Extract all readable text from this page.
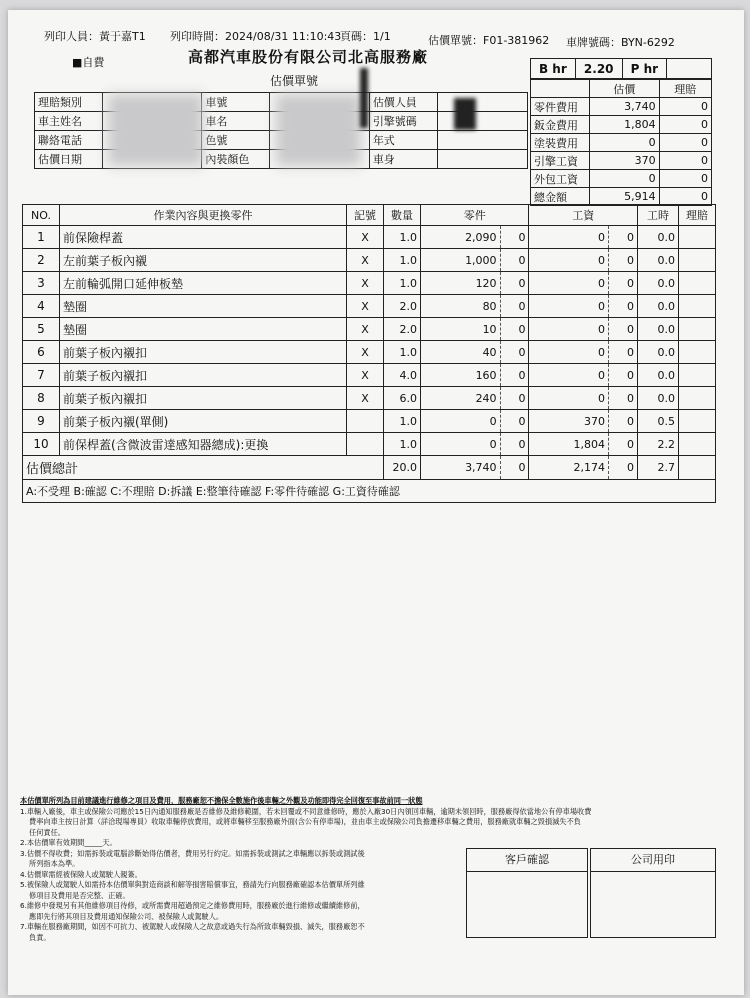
列印人員：黃于嘉T1 列印時間：2024/08/31 11:10:43
頁碼：1/1	估價單號：F01-381962 車牌號碼：BYN-6292
■自費	高都汽車股份有限公司北高服務廠
估價單號
B hr	2.20	P hr	
理賠類別		車號		估價人員	
車主姓名		車名		引擎號碼	
聯絡電話		色號		年式	
估價日期		內裝顏色		車身	
	估價	理賠
零件費用	3,740	0
鈑金費用	1,804	0
塗裝費用	0	0
引擎工資	370	0
外包工資	0	0
總金額	5,914	0
NO.	作業內容與更換零件	記號	數量	零件		工資		工時	理賠
1	前保險桿蓋	X	1.0	2,090	0	0	0	0.0	
2	左前葉子板內襯	X	1.0	1,000	0	0	0	0.0	
3	左前輪弧開口延伸板墊	X	1.0	120	0	0	0	0.0	
4	墊圈	X	2.0	80	0	0	0	0.0	
5	墊圈	X	2.0	10	0	0	0	0.0	
6	前葉子板內襯扣	X	1.0	40	0	0	0	0.0	
7	前葉子板內襯扣	X	4.0	160	0	0	0	0.0	
8	前葉子板內襯扣	X	6.0	240	0	0	0	0.0	
9	前葉子板內襯(單側)		1.0	0	0	370	0	0.5	
10	前保桿蓋(含微波雷達感知器總成):更換		1.0	0	0	1,804	0	2.2	
估價總計			20.0	3,740	0	2,174	0	2.7	
A:不受理 B:確認 C:不理賠 D:拆議 E:整筆待確認 F:零件待確認 G:工資待確認									
本估價單所列為目前建議進行維修之項目及費用，服務廠恕不擔保全數施作後車輛之外觀及功能即得完全回復至事故前同一狀態
1.車輛入廠後，車主或保險公司應於15日內通知服務廠是否維修及維修範圍，若未回覆或不同意維修時，應於入廠30日內領回車輛，逾期未領回時，服務廠得依當地公有停車場收費
費率向車主按日計算（詳洽現場專員）收取車輛停放費用，或將車輛移至服務廠外面(含公有停車場)，並由車主或保險公司負擔遷移車輛之費用，服務廠就車輛之毀損滅失不負
任何責任。
2.本估價單有效期間_____天。
3.估價不得收費；如需拆裝或電腦診斷始得估價者，費用另行約定。如需拆裝或測試之車輛應以拆裝或測試後
所列指本為準。
4.估價單需經被保險人或駕駛人親簽。
5.被保險人或駕駛人如需持本估價單與對造商談和解等損害賠償事宜，務請先行向服務廠確認本估價單所列維
修項目及費用是否完整、正確。
6.維修中發現另有其他維修項目待修，或所需費用超過預定之維修費用時，服務廠於進行維修或繼續維修前，
應即先行將其項目及費用通知保險公司、被保險人或駕駛人。
7.車輛在服務廠期間，如因不可抗力、被駕駛人或保險人之故意或過失行為所致車輛毀損、滅失，服務廠恕不
負責。
客戶確認	公司用印
